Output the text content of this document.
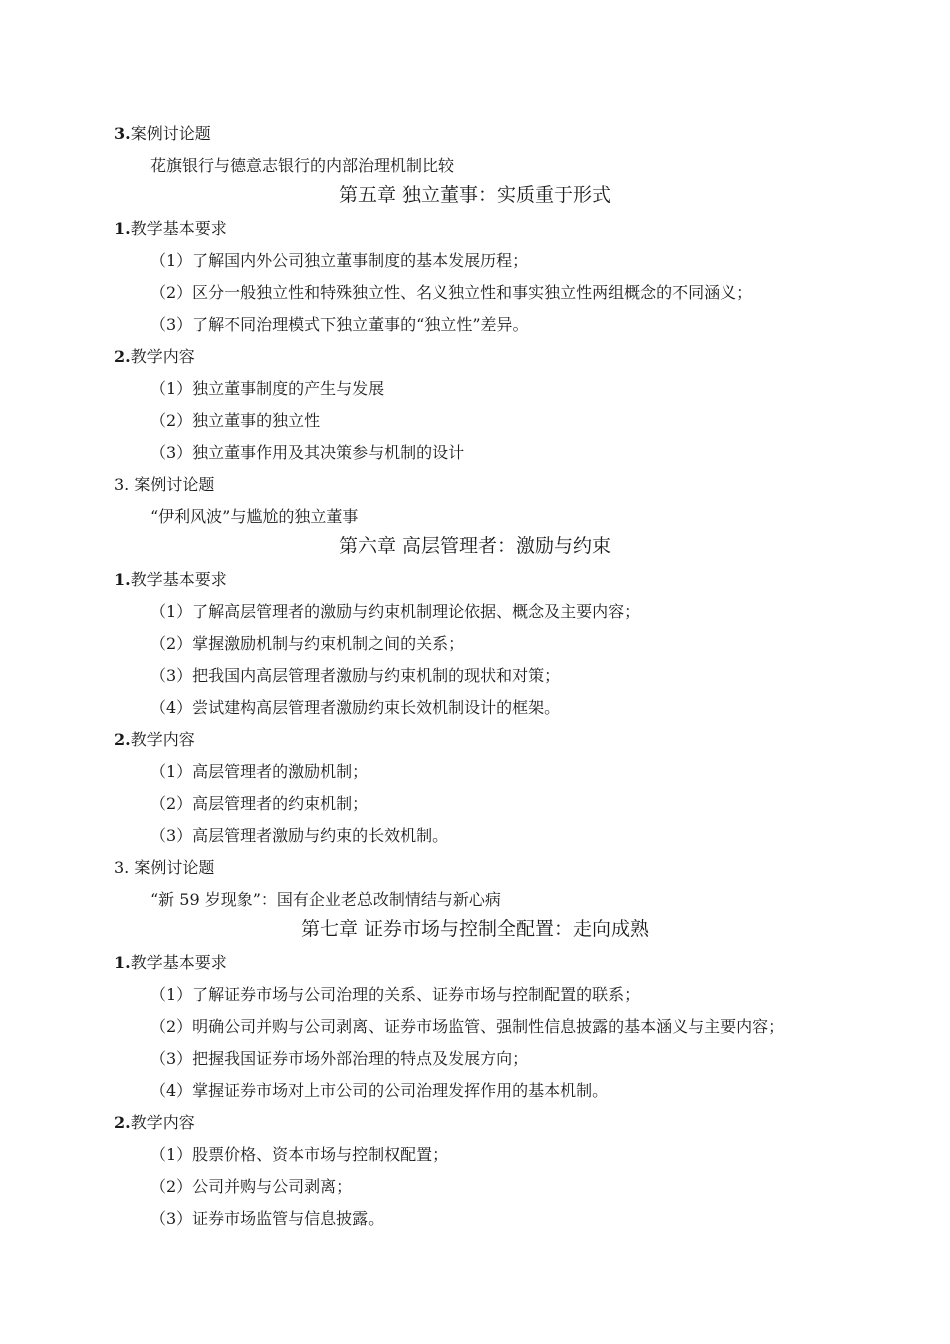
3.案例讨论题
花旗银行与德意志银行的内部治理机制比较
第五章 独立董事：实质重于形式
1.教学基本要求
（1）了解国内外公司独立董事制度的基本发展历程；
（2）区分一般独立性和特殊独立性、名义独立性和事实独立性两组概念的不同涵义；
（3）了解不同治理模式下独立董事的“独立性”差异。
2.教学内容
（1）独立董事制度的产生与发展
（2）独立董事的独立性
（3）独立董事作用及其决策参与机制的设计
3. 案例讨论题
“伊利风波”与尴尬的独立董事
第六章 高层管理者：激励与约束
1.教学基本要求
（1）了解高层管理者的激励与约束机制理论依据、概念及主要内容；
（2）掌握激励机制与约束机制之间的关系；
（3）把我国内高层管理者激励与约束机制的现状和对策；
（4）尝试建构高层管理者激励约束长效机制设计的框架。
2.教学内容
（1）高层管理者的激励机制；
（2）高层管理者的约束机制；
（3）高层管理者激励与约束的长效机制。
3. 案例讨论题
“新 59 岁现象”：国有企业老总改制情结与新心病
第七章 证券市场与控制全配置：走向成熟
1.教学基本要求
（1）了解证券市场与公司治理的关系、证券市场与控制配置的联系；
（2）明确公司并购与公司剥离、证券市场监管、强制性信息披露的基本涵义与主要内容；
（3）把握我国证券市场外部治理的特点及发展方向；
（4）掌握证券市场对上市公司的公司治理发挥作用的基本机制。
2.教学内容
（1）股票价格、资本市场与控制权配置；
（2）公司并购与公司剥离；
（3）证券市场监管与信息披露。
